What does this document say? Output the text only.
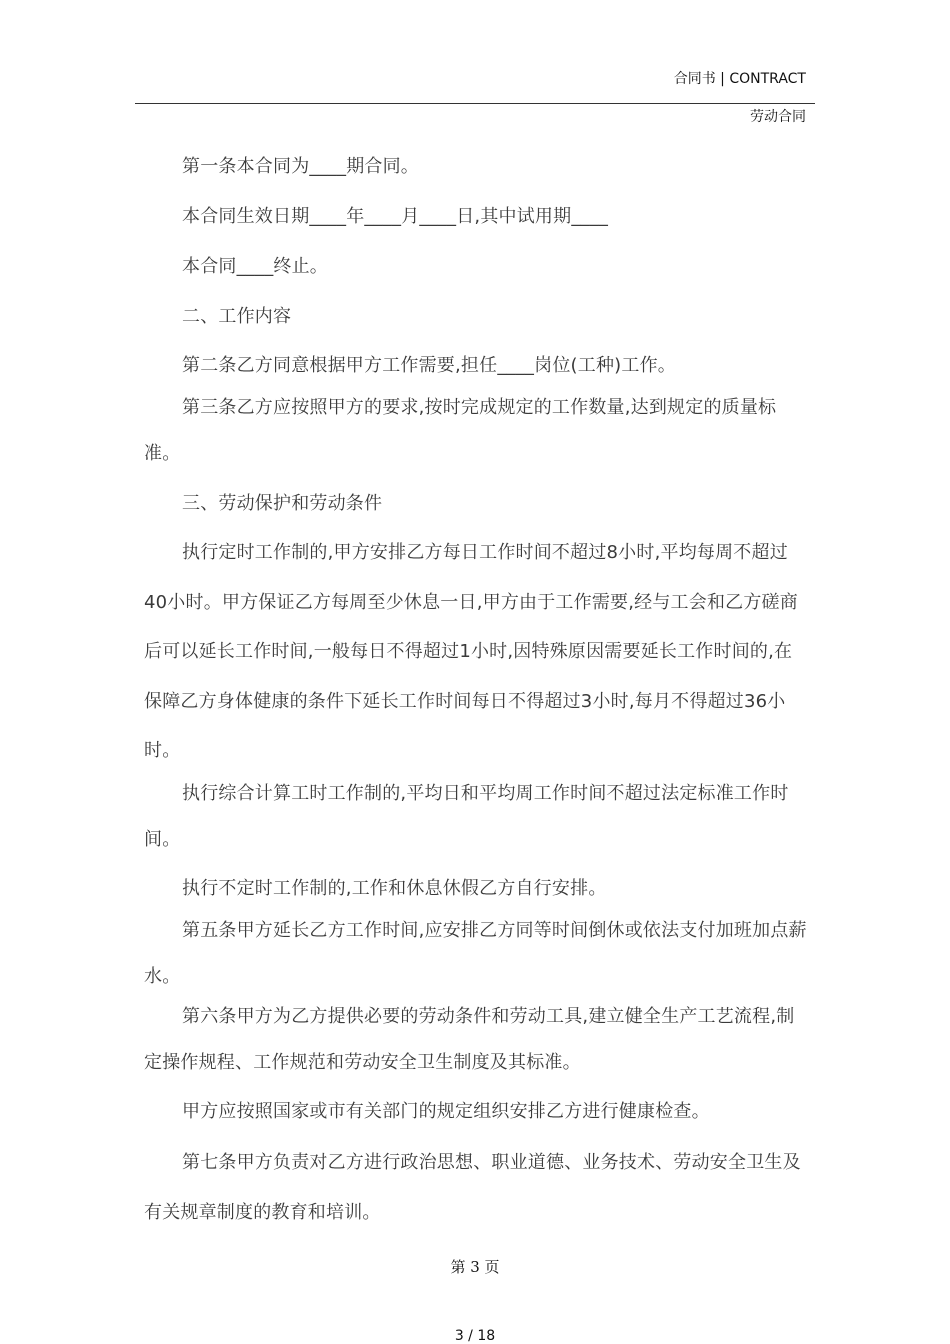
合同书 | CONTRACT
劳动合同

第一条本合同为____期合同。

本合同生效日期____年____月____日,其中试用期____

本合同____终止。

二、工作内容

第二条乙方同意根据甲方工作需要,担任____岗位(工种)工作。

第三条乙方应按照甲方的要求,按时完成规定的工作数量,达到规定的质量标准。

三、劳动保护和劳动条件

执行定时工作制的,甲方安排乙方每日工作时间不超过8小时,平均每周不超过40小时。甲方保证乙方每周至少休息一日,甲方由于工作需要,经与工会和乙方磋商后可以延长工作时间,一般每日不得超过1小时,因特殊原因需要延长工作时间的,在保障乙方身体健康的条件下延长工作时间每日不得超过3小时,每月不得超过36小时。

执行综合计算工时工作制的,平均日和平均周工作时间不超过法定标准工作时间。

执行不定时工作制的,工作和休息休假乙方自行安排。

第五条甲方延长乙方工作时间,应安排乙方同等时间倒休或依法支付加班加点薪水。

第六条甲方为乙方提供必要的劳动条件和劳动工具,建立健全生产工艺流程,制定操作规程、工作规范和劳动安全卫生制度及其标准。

甲方应按照国家或市有关部门的规定组织安排乙方进行健康检查。

第七条甲方负责对乙方进行政治思想、职业道德、业务技术、劳动安全卫生及有关规章制度的教育和培训。

第 3 页
3 / 18
